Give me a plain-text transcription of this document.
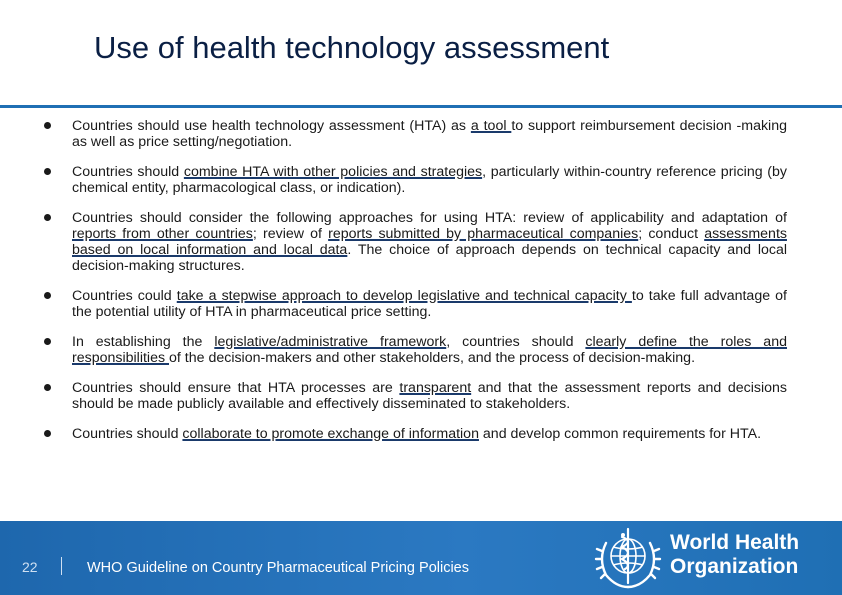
Use of health technology assessment
Countries should use health technology assessment (HTA) as a tool to support reimbursement decision -making as well as price setting/negotiation.
Countries should combine HTA with other policies and strategies, particularly within-country reference pricing (by chemical entity, pharmacological class, or indication).
Countries should consider the following approaches for using HTA: review of applicability and adaptation of reports from other countries; review of reports submitted by pharmaceutical companies; conduct assessments based on local information and local data. The choice of approach depends on technical capacity and local decision-making structures.
Countries could take a stepwise approach to develop legislative and technical capacity to take full advantage of the potential utility of HTA in pharmaceutical price setting.
In establishing the legislative/administrative framework, countries should clearly define the roles and responsibilities of the decision-makers and other stakeholders, and the process of decision-making.
Countries should ensure that HTA processes are transparent and that the assessment reports and decisions should be made publicly available and effectively disseminated to stakeholders.
Countries should collaborate to promote exchange of information and develop common requirements for HTA.
22	WHO Guideline on Country Pharmaceutical Pricing Policies
World Health
Organization
